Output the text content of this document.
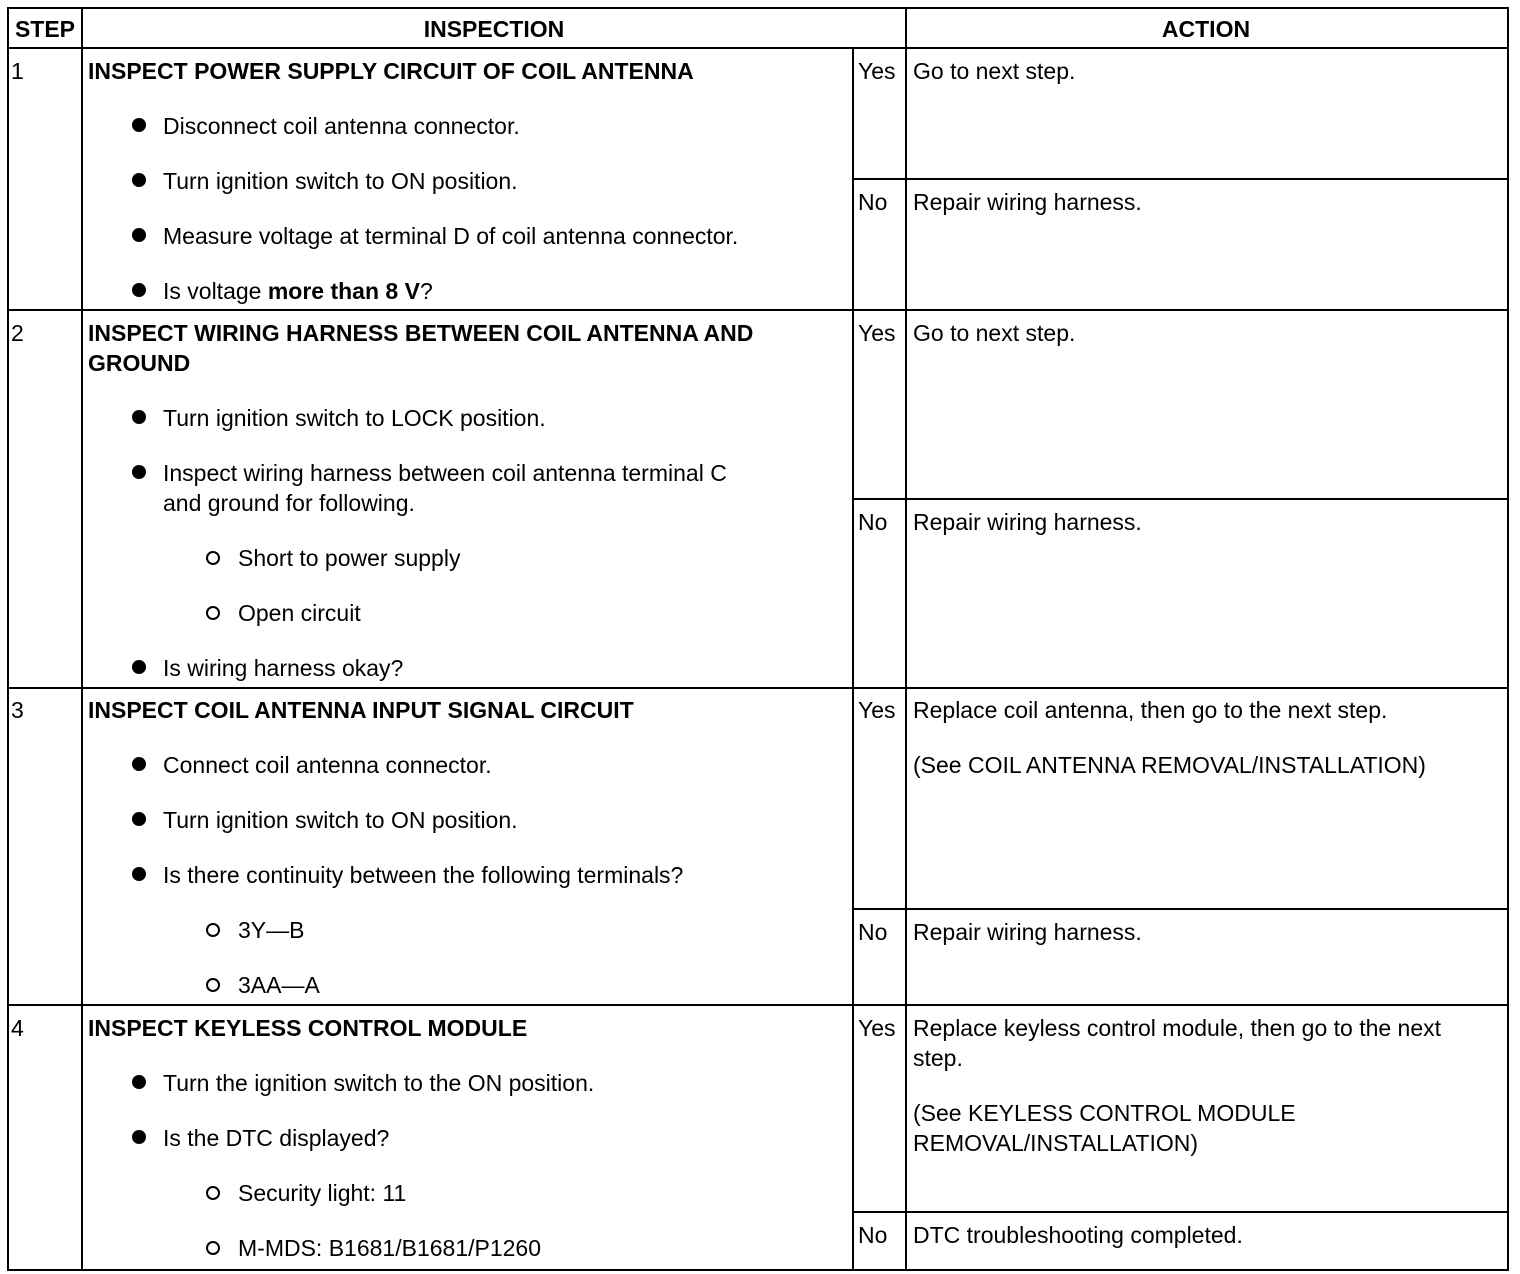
STEP	INSPECTION	ACTION
1	INSPECT POWER SUPPLY CIRCUIT OF COIL ANTENNA
Disconnect coil antenna connector.
Turn ignition switch to ON position.
Measure voltage at terminal D of coil antenna connector.
Is voltage more than 8 V?
Yes Go to next step.
No Repair wiring harness.
2	INSPECT WIRING HARNESS BETWEEN COIL ANTENNA AND
GROUND
Turn ignition switch to LOCK position.
Inspect wiring harness between coil antenna terminal C
and ground for following.
Short to power supply
Open circuit
Is wiring harness okay?
Yes Go to next step.
No Repair wiring harness.
3	INSPECT COIL ANTENNA INPUT SIGNAL CIRCUIT
Connect coil antenna connector.
Turn ignition switch to ON position.
Is there continuity between the following terminals?
3Y—B
3AA—A
Yes Replace coil antenna, then go to the next step.
(See COIL ANTENNA REMOVAL/INSTALLATION)
No Repair wiring harness.
4	INSPECT KEYLESS CONTROL MODULE
Turn the ignition switch to the ON position.
Is the DTC displayed?
Security light: 11
M-MDS: B1681/B1681/P1260
Yes Replace keyless control module, then go to the next
step.
(See KEYLESS CONTROL MODULE
REMOVAL/INSTALLATION)
No DTC troubleshooting completed.
